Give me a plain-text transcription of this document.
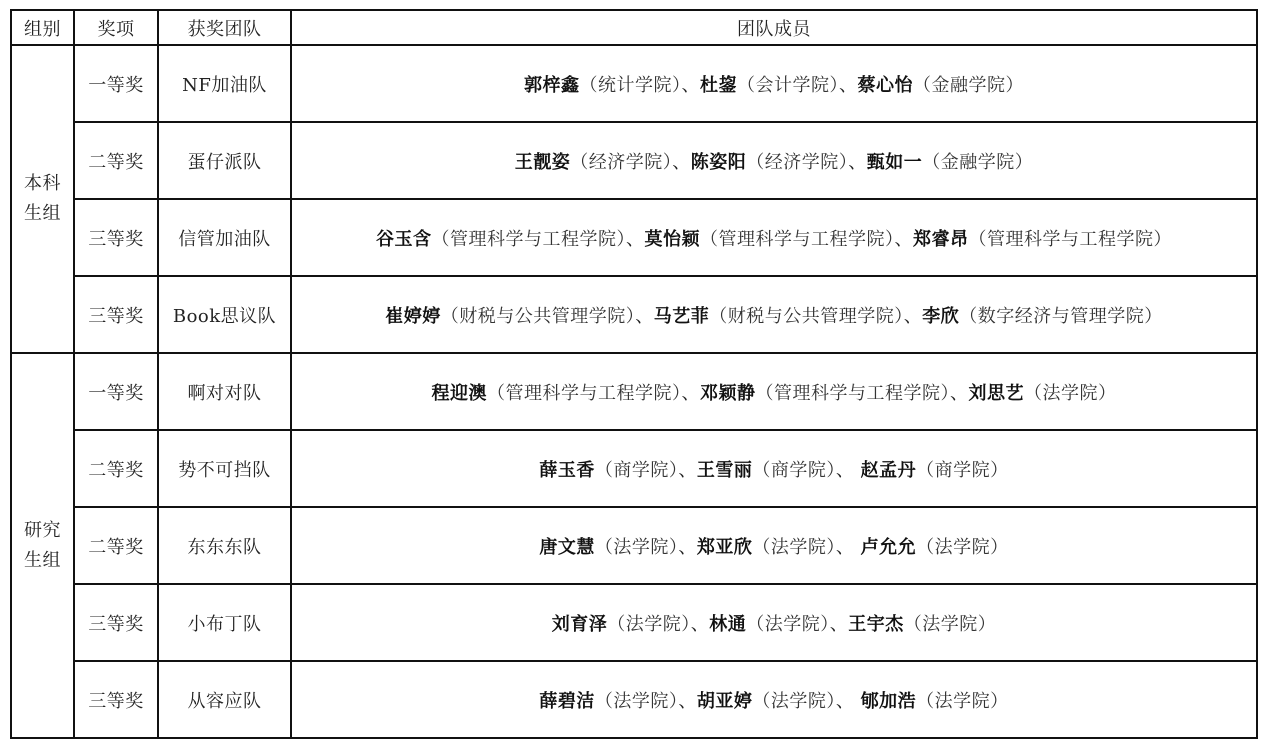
组别	奖项	获奖团队	团队成员

本科
生组	一等奖	NF加油队	郭梓鑫（统计学院）、杜鋆（会计学院）、蔡心怡（金融学院）
	二等奖	蛋仔派队	王靓姿（经济学院）、陈姿阳（经济学院）、甄如一（金融学院）
	三等奖	信管加油队	谷玉含（管理科学与工程学院）、莫怡颖（管理科学与工程学院）、郑睿昂（管理科学与工程学院）
	三等奖	Book思议队	崔婷婷（财税与公共管理学院）、马艺菲（财税与公共管理学院）、李欣（数字经济与管理学院）

研究
生组	一等奖	啊对对队	程迎澳（管理科学与工程学院）、邓颖静（管理科学与工程学院）、刘思艺（法学院）
	二等奖	势不可挡队	薛玉香（商学院）、王雪丽（商学院）、 赵孟丹（商学院）
	二等奖	东东东队	唐文慧（法学院）、郑亚欣（法学院）、 卢允允（法学院）
	三等奖	小布丁队	刘育泽（法学院）、林通（法学院）、王宇杰（法学院）
	三等奖	从容应队	薛碧洁（法学院）、胡亚婷（法学院）、 郇加浩（法学院）
